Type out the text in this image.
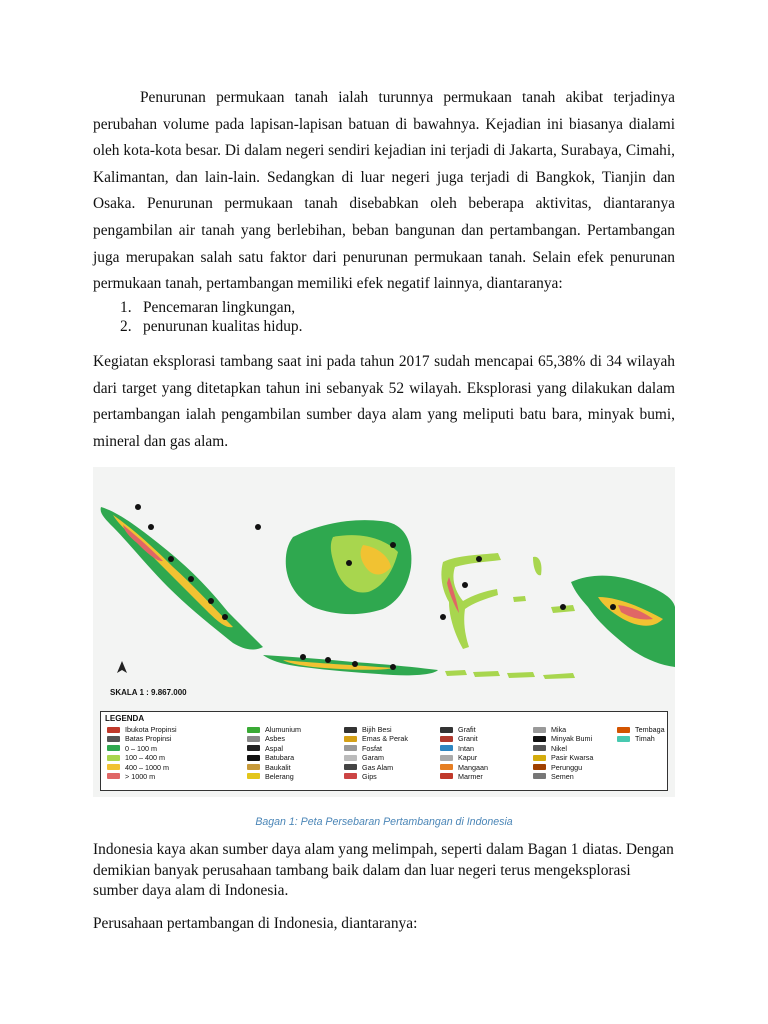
Penurunan permukaan tanah ialah turunnya permukaan tanah akibat terjadinya perubahan volume pada lapisan-lapisan batuan di bawahnya. Kejadian ini biasanya dialami oleh kota-kota besar. Di dalam negeri sendiri kejadian ini terjadi di Jakarta, Surabaya, Cimahi, Kalimantan, dan lain-lain. Sedangkan di luar negeri juga terjadi di Bangkok, Tianjin dan Osaka. Penurunan permukaan tanah disebabkan oleh beberapa aktivitas, diantaranya pengambilan air tanah yang berlebihan, beban bangunan dan pertambangan. Pertambangan juga merupakan salah satu faktor dari penurunan permukaan tanah. Selain efek penurunan permukaan tanah, pertambangan memiliki efek negatif lainnya, diantaranya:

1. Pencemaran lingkungan,
2. penurunan kualitas hidup.

Kegiatan eksplorasi tambang saat ini pada tahun 2017 sudah mencapai 65,38% di 34 wilayah dari target yang ditetapkan tahun ini sebanyak 52 wilayah. Eksplorasi yang dilakukan dalam pertambangan ialah pengambilan sumber daya alam yang meliputi batu bara, minyak bumi, mineral dan gas alam.

SKALA 1 : 9.867.000
LEGENDA
Ibukota Propinsi
Batas Propinsi
0 – 100 m
100 – 400 m
400 – 1000 m
> 1000 m
Alumunium
Asbes
Aspal
Batubara
Baukalit
Belerang
Bijih Besi
Emas & Perak
Fosfat
Garam
Gas Alam
Gips
Grafit
Granit
Intan
Kapur
Mangaan
Marmer
Mika
Minyak Bumi
Nikel
Pasir Kwarsa
Perunggu
Semen
Tembaga
Timah
Bagan 1: Peta Persebaran Pertambangan di Indonesia

Indonesia kaya akan sumber daya alam yang melimpah, seperti dalam Bagan 1 diatas. Dengan demikian banyak perusahaan tambang baik dalam dan luar negeri terus mengeksplorasi sumber daya alam di Indonesia.

Perusahaan pertambangan di Indonesia, diantaranya:
